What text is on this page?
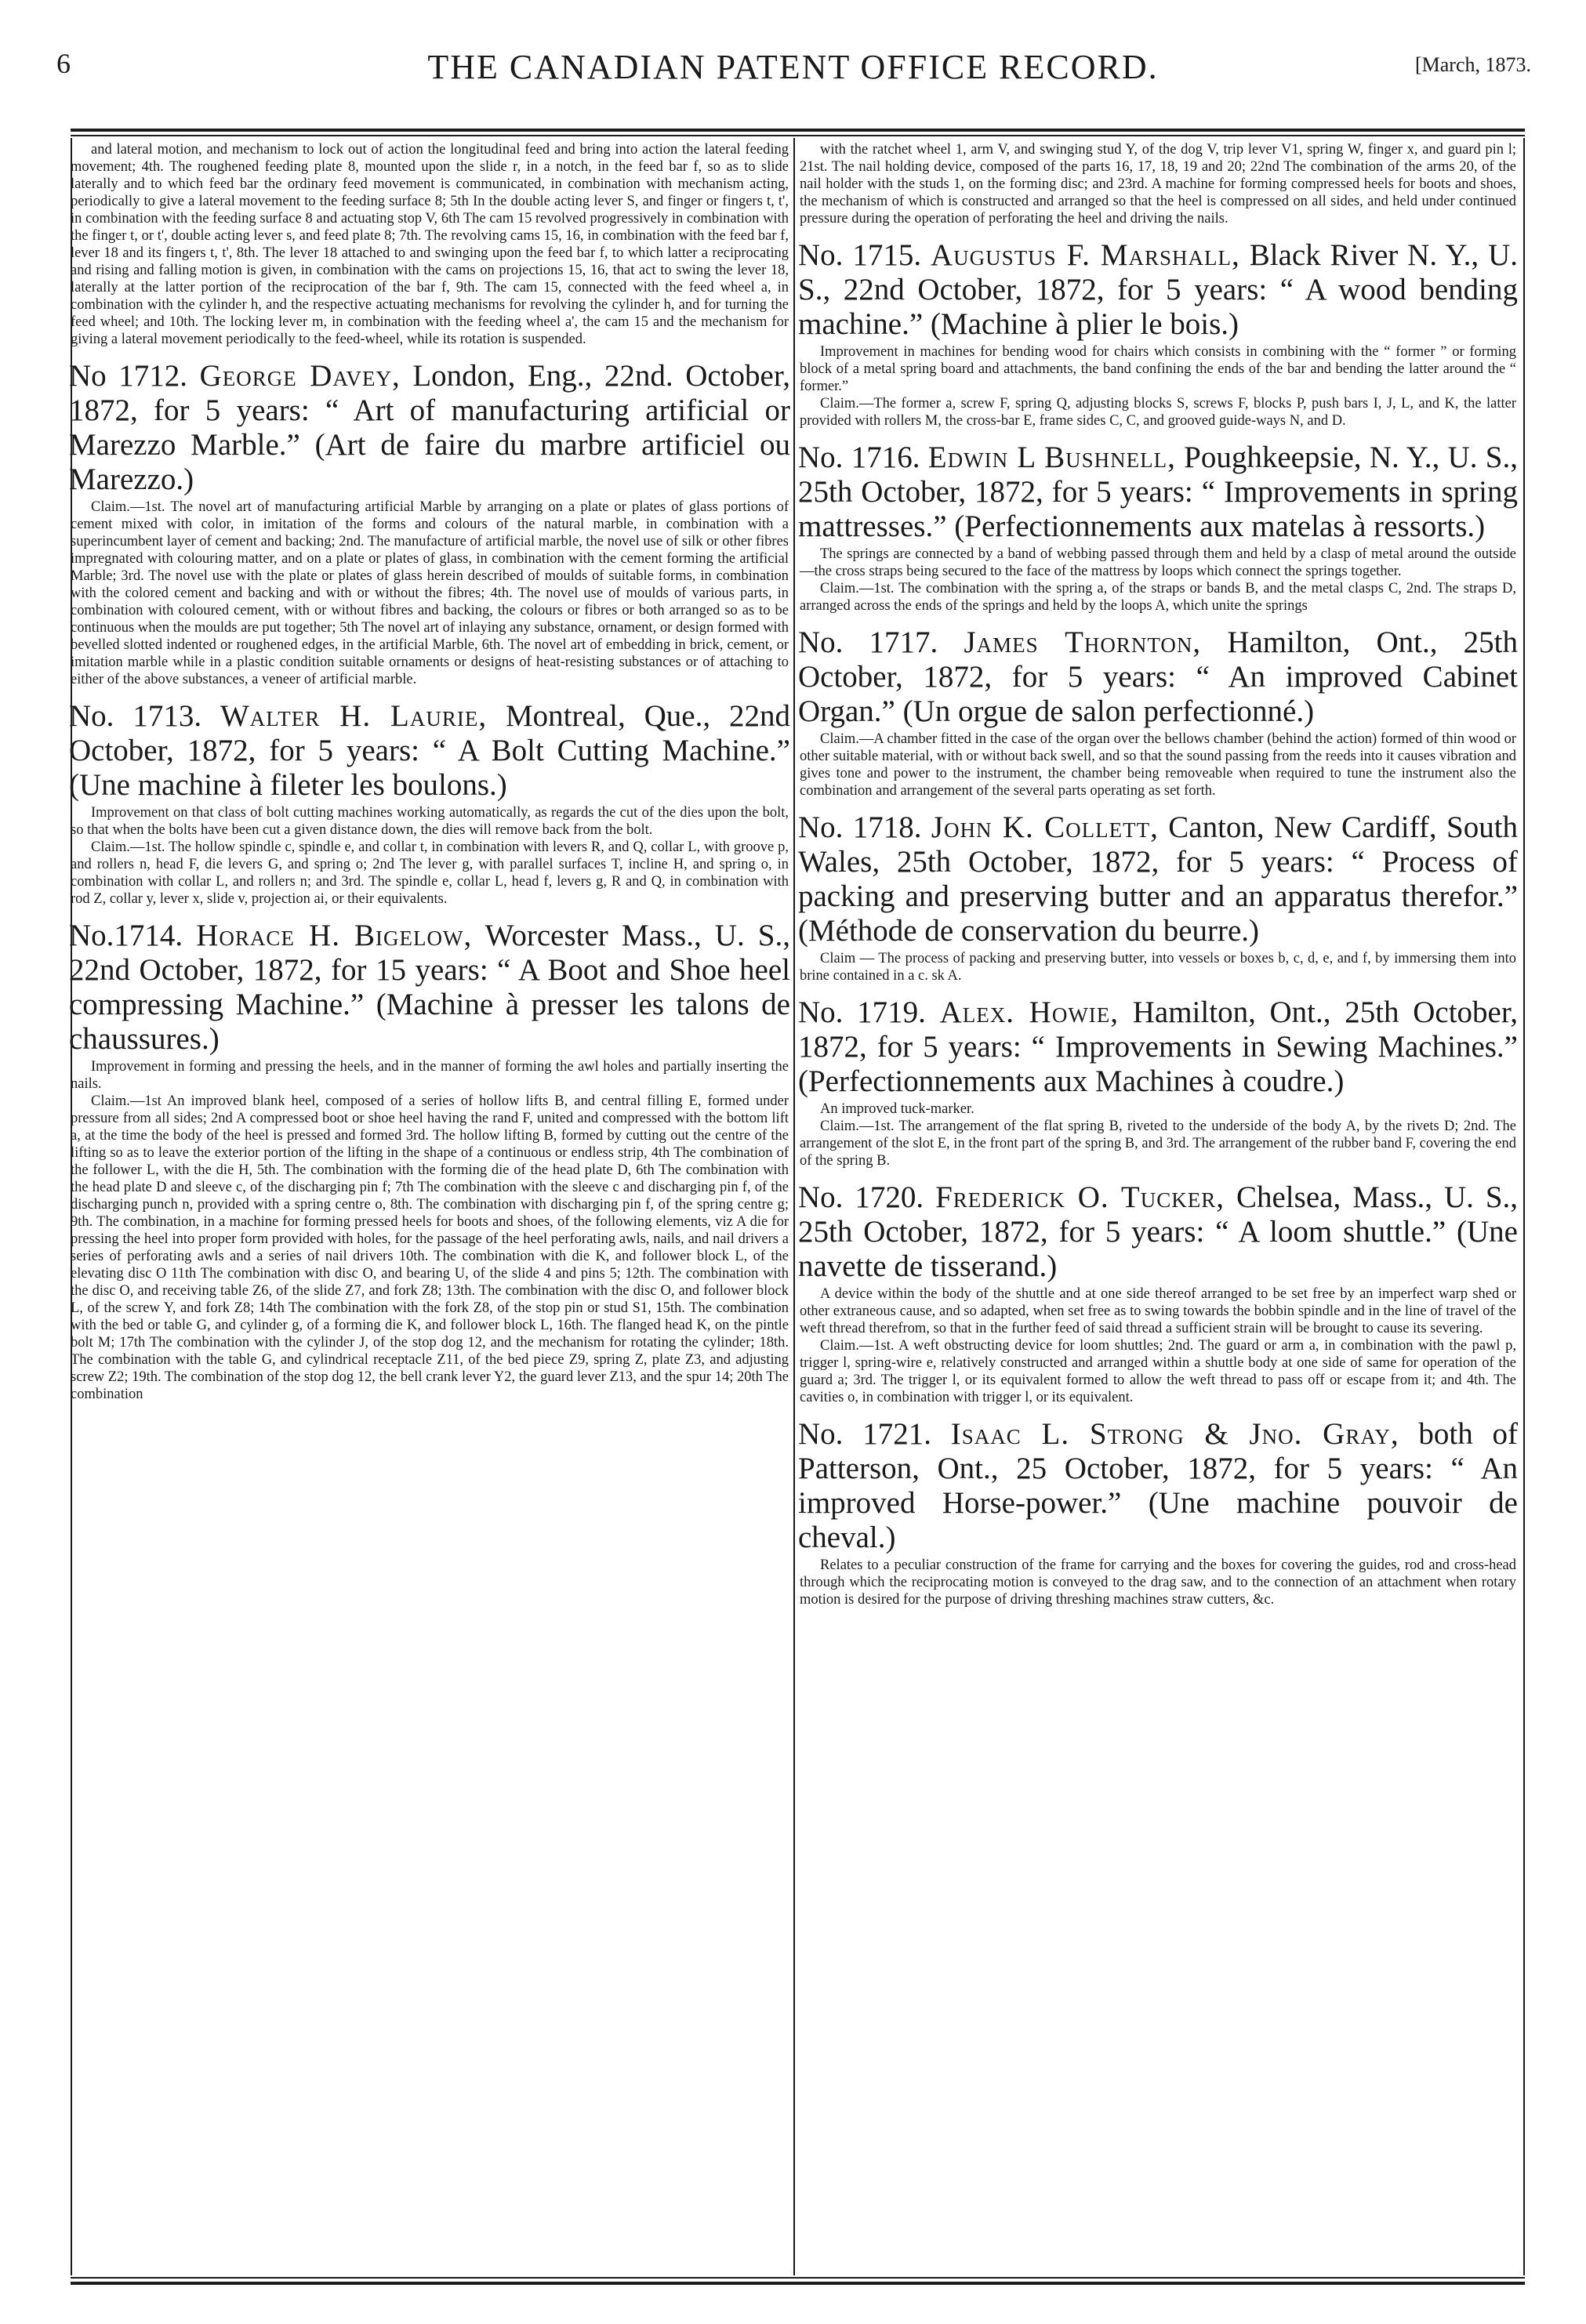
6	THE CANADIAN PATENT OFFICE RECORD.	[March, 1873.

and lateral motion, and mechanism to lock out of action the longitudinal feed and bring into action the lateral feeding movement; 4th. The roughened feeding plate 8, mounted upon the slide r, in a notch, in the feed bar f, so as to slide laterally and to which feed bar the ordinary feed movement is communicated, in combination with mechanism acting, periodically to give a lateral movement to the feeding surface 8; 5th In the double acting lever S, and finger or fingers t, t', in combination with the feeding surface 8 and actuating stop V, 6th The cam 15 revolved progressively in combination with the finger t, or t', double acting lever s, and feed plate 8; 7th. The revolving cams 15, 16, in combination with the feed bar f, lever 18 and its fingers t, t', 8th. The lever 18 attached to and swinging upon the feed bar f, to which latter a reciprocating and rising and falling motion is given, in combination with the cams on projections 15, 16, that act to swing the lever 18, laterally at the latter portion of the reciprocation of the bar f, 9th. The cam 15, connected with the feed wheel a, in combination with the cylinder h, and the respective actuating mechanisms for revolving the cylinder h, and for turning the feed wheel; and 10th. The locking lever m, in combination with the feeding wheel a', the cam 15 and the mechanism for giving a lateral movement periodically to the feed-wheel, while its rotation is suspended.

No 1712. George Davey, London, Eng., 22nd. October, 1872, for 5 years: “ Art of manufacturing artificial or Marezzo Marble.” (Art de faire du marbre artificiel ou Marezzo.)

Claim.—1st. The novel art of manufacturing artificial Marble by arranging on a plate or plates of glass portions of cement mixed with color, in imitation of the forms and colours of the natural marble, in combination with a superincumbent layer of cement and backing; 2nd. The manufacture of artificial marble, the novel use of silk or other fibres impregnated with colouring matter, and on a plate or plates of glass, in combination with the cement forming the artificial Marble; 3rd. The novel use with the plate or plates of glass herein described of moulds of suitable forms, in combination with the colored cement and backing and with or without the fibres; 4th. The novel use of moulds of various parts, in combination with coloured cement, with or without fibres and backing, the colours or fibres or both arranged so as to be continuous when the moulds are put together; 5th The novel art of inlaying any substance, ornament, or design formed with bevelled slotted indented or roughened edges, in the artificial Marble, 6th. The novel art of embedding in brick, cement, or imitation marble while in a plastic condition suitable ornaments or designs of heat-resisting substances or of attaching to either of the above substances, a veneer of artificial marble.

No. 1713. Walter H. Laurie, Montreal, Que., 22nd October, 1872, for 5 years: “ A Bolt Cutting Machine.” (Une machine à fileter les boulons.)

Improvement on that class of bolt cutting machines working automatically, as regards the cut of the dies upon the bolt, so that when the bolts have been cut a given distance down, the dies will remove back from the bolt.

Claim.—1st. The hollow spindle c, spindle e, and collar t, in combination with levers R, and Q, collar L, with groove p, and rollers n, head F, die levers G, and spring o; 2nd The lever g, with parallel surfaces T, incline H, and spring o, in combination with collar L, and rollers n; and 3rd. The spindle e, collar L, head f, levers g, R and Q, in combination with rod Z, collar y, lever x, slide v, projection ai, or their equivalents.

No.1714. Horace H. Bigelow, Worcester Mass., U. S., 22nd October, 1872, for 15 years: “ A Boot and Shoe heel compressing Machine.” (Machine à presser les talons de chaussures.)

Improvement in forming and pressing the heels, and in the manner of forming the awl holes and partially inserting the nails.

Claim.—1st An improved blank heel, composed of a series of hollow lifts B, and central filling E, formed under pressure from all sides; 2nd A compressed boot or shoe heel having the rand F, united and compressed with the bottom lift a, at the time the body of the heel is pressed and formed 3rd. The hollow lifting B, formed by cutting out the centre of the lifting so as to leave the exterior portion of the lifting in the shape of a continuous or endless strip, 4th The combination of the follower L, with the die H, 5th. The combination with the forming die of the head plate D, 6th The combination with the head plate D and sleeve c, of the discharging pin f; 7th The combination with the sleeve c and discharging pin f, of the discharging punch n, provided with a spring centre o, 8th. The combination with discharging pin f, of the spring centre g; 9th. The combination, in a machine for forming pressed heels for boots and shoes, of the following elements, viz A die for pressing the heel into proper form provided with holes, for the passage of the heel perforating awls, nails, and nail drivers a series of perforating awls and a series of nail drivers 10th. The combination with die K, and follower block L, of the elevating disc O 11th The combination with disc O, and bearing U, of the slide 4 and pins 5; 12th. The combination with the disc O, and receiving table Z6, of the slide Z7, and fork Z8; 13th. The combination with the disc O, and follower block L, of the screw Y, and fork Z8; 14th The combination with the fork Z8, of the stop pin or stud S1, 15th. The combination with the bed or table G, and cylinder g, of a forming die K, and follower block L, 16th. The flanged head K, on the pintle bolt M; 17th The combination with the cylinder J, of the stop dog 12, and the mechanism for rotating the cylinder; 18th. The combination with the table G, and cylindrical receptacle Z11, of the bed piece Z9, spring Z, plate Z3, and adjusting screw Z2; 19th. The combination of the stop dog 12, the bell crank lever Y2, the guard lever Z13, and the spur 14; 20th The combination

with the ratchet wheel 1, arm V, and swinging stud Y, of the dog V, trip lever V1, spring W, finger x, and guard pin l; 21st. The nail holding device, composed of the parts 16, 17, 18, 19 and 20; 22nd The combination of the arms 20, of the nail holder with the studs 1, on the forming disc; and 23rd. A machine for forming compressed heels for boots and shoes, the mechanism of which is constructed and arranged so that the heel is compressed on all sides, and held under continued pressure during the operation of perforating the heel and driving the nails.

No. 1715. Augustus F. Marshall, Black River N. Y., U. S., 22nd October, 1872, for 5 years: “ A wood bending machine.” (Machine à plier le bois.)

Improvement in machines for bending wood for chairs which consists in combining with the “ former ” or forming block of a metal spring board and attachments, the band confining the ends of the bar and bending the latter around the “ former.”

Claim.—The former a, screw F, spring Q, adjusting blocks S, screws F, blocks P, push bars I, J, L, and K, the latter provided with rollers M, the cross-bar E, frame sides C, C, and grooved guide-ways N, and D.

No. 1716. Edwin L Bushnell, Poughkeepsie, N. Y., U. S., 25th October, 1872, for 5 years: “ Improvements in spring mattresses.” (Perfectionnements aux matelas à ressorts.)

The springs are connected by a band of webbing passed through them and held by a clasp of metal around the outside—the cross straps being secured to the face of the mattress by loops which connect the springs together.

Claim.—1st. The combination with the spring a, of the straps or bands B, and the metal clasps C, 2nd. The straps D, arranged across the ends of the springs and held by the loops A, which unite the springs

No. 1717. James Thornton, Hamilton, Ont., 25th October, 1872, for 5 years: “ An improved Cabinet Organ.” (Un orgue de salon perfectionné.)

Claim.—A chamber fitted in the case of the organ over the bellows chamber (behind the action) formed of thin wood or other suitable material, with or without back swell, and so that the sound passing from the reeds into it causes vibration and gives tone and power to the instrument, the chamber being removeable when required to tune the instrument also the combination and arrangement of the several parts operating as set forth.

No. 1718. John K. Collett, Canton, New Cardiff, South Wales, 25th October, 1872, for 5 years: “ Process of packing and preserving butter and an apparatus therefor.” (Méthode de conservation du beurre.)

Claim — The process of packing and preserving butter, into vessels or boxes b, c, d, e, and f, by immersing them into brine contained in a c. sk A.

No. 1719. Alex. Howie, Hamilton, Ont., 25th October, 1872, for 5 years: “ Improvements in Sewing Machines.” (Perfectionnements aux Machines à coudre.)

An improved tuck-marker.

Claim.—1st. The arrangement of the flat spring B, riveted to the underside of the body A, by the rivets D; 2nd. The arrangement of the slot E, in the front part of the spring B, and 3rd. The arrangement of the rubber band F, covering the end of the spring B.

No. 1720. Frederick O. Tucker, Chelsea, Mass., U. S., 25th October, 1872, for 5 years: “ A loom shuttle.” (Une navette de tisserand.)

A device within the body of the shuttle and at one side thereof arranged to be set free by an imperfect warp shed or other extraneous cause, and so adapted, when set free as to swing towards the bobbin spindle and in the line of travel of the weft thread therefrom, so that in the further feed of said thread a sufficient strain will be brought to cause its severing.

Claim.—1st. A weft obstructing device for loom shuttles; 2nd. The guard or arm a, in combination with the pawl p, trigger l, spring-wire e, relatively constructed and arranged within a shuttle body at one side of same for operation of the guard a; 3rd. The trigger l, or its equivalent formed to allow the weft thread to pass off or escape from it; and 4th. The cavities o, in combination with trigger l, or its equivalent.

No. 1721. Isaac L. Strong & Jno. Gray, both of Patterson, Ont., 25 October, 1872, for 5 years: “ An improved Horse-power.” (Une machine pouvoir de cheval.)

Relates to a peculiar construction of the frame for carrying and the boxes for covering the guides, rod and cross-head through which the reciprocating motion is conveyed to the drag saw, and to the connection of an attachment when rotary motion is desired for the purpose of driving threshing machines straw cutters, &c.
